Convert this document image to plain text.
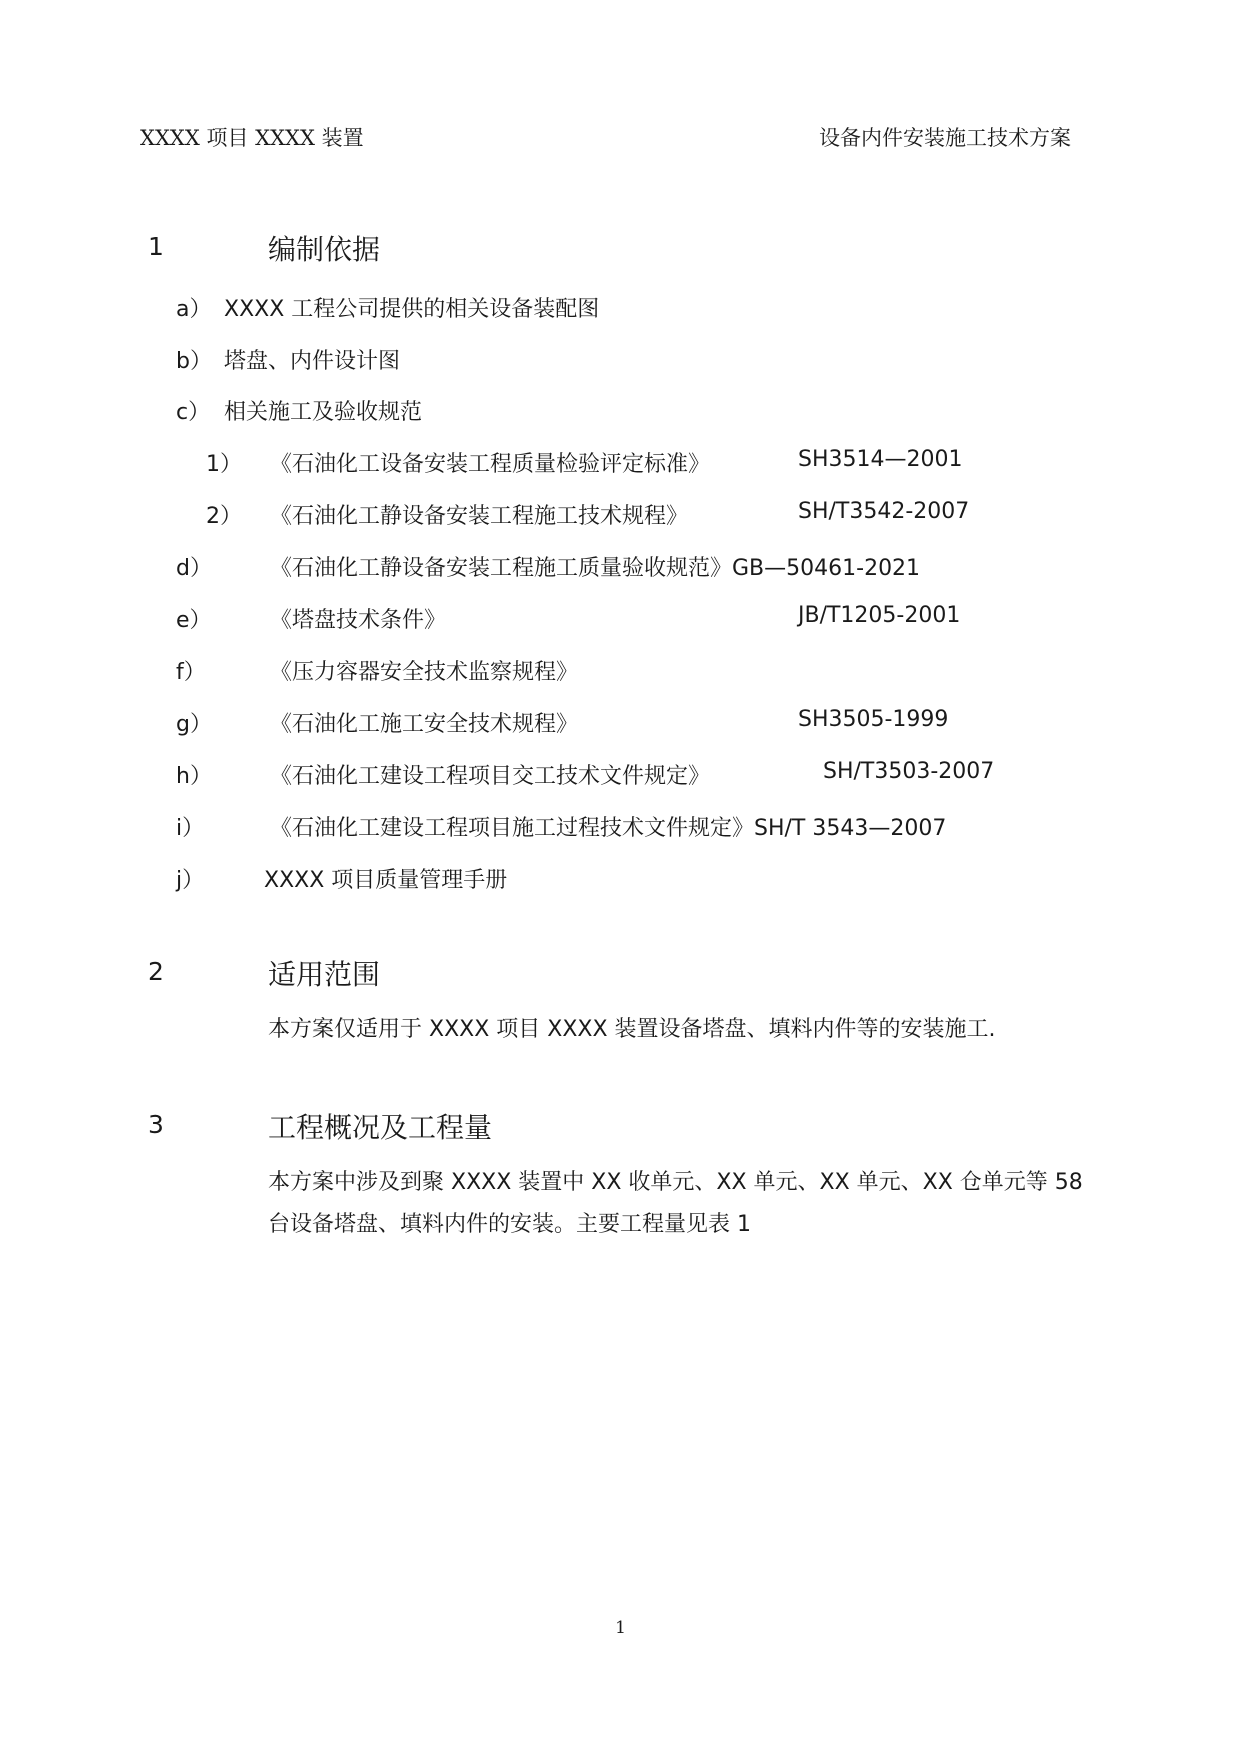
XXXX 项目 XXXX 装置	设备内件安装施工技术方案
1	编制依据
a） XXXX 工程公司提供的相关设备装配图
b） 塔盘、内件设计图
c） 相关施工及验收规范
1） 《石油化工设备安装工程质量检验评定标准》	SH3514—2001
2） 《石油化工静设备安装工程施工技术规程》	SH/T3542-2007
d）	《石油化工静设备安装工程施工质量验收规范》GB—50461-2021
e）	《塔盘技术条件》	JB/T1205-2001
f）	《压力容器安全技术监察规程》
g）	《石油化工施工安全技术规程》	SH3505-1999
h）	《石油化工建设工程项目交工技术文件规定》	SH/T3503-2007
i）	《石油化工建设工程项目施工过程技术文件规定》SH/T 3543—2007
j）	XXXX 项目质量管理手册
2	适用范围
本方案仅适用于 XXXX 项目 XXXX 装置设备塔盘、填料内件等的安装施工.
3	工程概况及工程量
本方案中涉及到聚 XXXX 装置中 XX 收单元、XX 单元、XX 单元、XX 仓单元等 58
台设备塔盘、填料内件的安装。主要工程量见表 1
1
